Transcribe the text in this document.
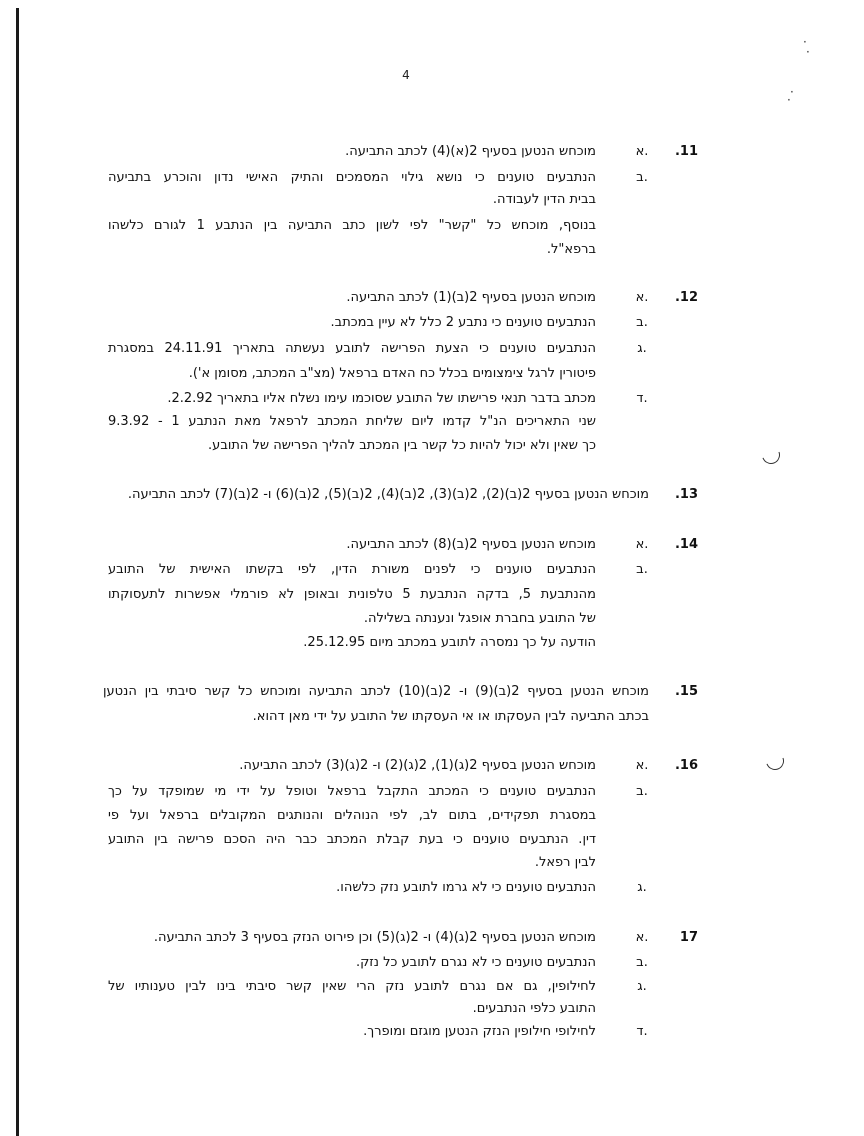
4
·
·
·
·
.11
א.
מוכחש הנטען בסעיף 2(א)(4) לכתב התביעה.
ב.
הנתבעים טוענים כי נושא גילוי המסמכים והתיק האישי נדון והוכרע בתביעה
בבית הדין לעבודה.
בנוסף, מוכחש כל "קשר" לפי לשון כתב התביעה בין הנתבע 1 לגורם כלשהו
ברפא"ל.
.12
א.
מוכחש הנטען בסעיף 2(ב)(1) לכתב התביעה.
ב.
הנתבעים טוענים כי נתבע 2 כלל לא עיין במכתב.
ג.
הנתבעים טוענים כי הצעת הפרישה לתובע נעשתה בתאריך 24.11.91 במסגרת
פיטורין לרגל צימצומים בכלל כח האדם ברפאל (מצ"ב המכתב, מסומן א').
ד.
מכתב בדבר תנאי פרישתו של התובע שסוכמו עימו נשלח אליו בתאריך 2.2.92.
שני התאריכים הנ"ל קדמו ליום שליחת המכתב לרפאל מאת הנתבע 1 - 9.3.92
כך שאין ולא יכול להיות כל קשר בין המכתב להליך הפרישה של התובע.
.13
מוכחש הנטען בסעיף 2(ב)(2), 2(ב)(3), 2(ב)(4), 2(ב)(5), 2(ב)(6) ו- 2(ב)(7) לכתב התביעה.
.14
א.
מוכחש הנטען בסעיף 2(ב)(8) לכתב התביעה.
ב.
הנתבעים טוענים כי לפנים משורת הדין, לפי בקשתו האישית של התובע
מהנתבעת 5, בדקה הנתבעת 5 טלפונית ובאופן לא פורמלי אפשרות לתעסוקתו
של התובע בחברת אופגל ונענתה בשלילה.
הודעה על כך נמסרה לתובע במכתב מיום 25.12.95.
.15
מוכחש הנטען בסעיף 2(ב)(9) ו- 2(ב)(10) לכתב התביעה ומוכחש כל קשר סיבתי בין הנטען
בכתב התביעה לבין העסקתו או אי העסקתו של התובע על ידי מאן דהוא.
.16
א.
מוכחש הנטען בסעיף 2(ג)(1), 2(ג)(2) ו- 2(ג)(3) לכתב התביעה.
ב.
הנתבעים טוענים כי המכתב התקבל ברפאל וטופל על ידי מי שמופקד על כך
במסגרת תפקידים, בתום לב, לפי הנוהלים והנותגים המקובלים ברפאל ועל פי
דין. הנתבעים טוענים כי בעת קבלת המכתב כבר היה הסכם פרישה בין התובע
לבין רפאל.
ג.
הנתבעים טוענים כי לא גרמו לתובע נזק כלשהו.
17
א.
מוכחש הנטען בסעיף 2(ג)(4) ו- 2(ג)(5) וכן פירוט הנזק בסעיף 3 לכתב התביעה.
ב.
הנתבעים טוענים כי לא נגרם לתובע כל נזק.
ג.
לחילופין, גם אם נגרם לתובע נזק הרי שאין קשר סיבתי בינו לבין טענותיו של
התובע כלפי הנתבעים.
ד.
לחילופי חילופין הנזק הנטען מוגזם ומופרך.
